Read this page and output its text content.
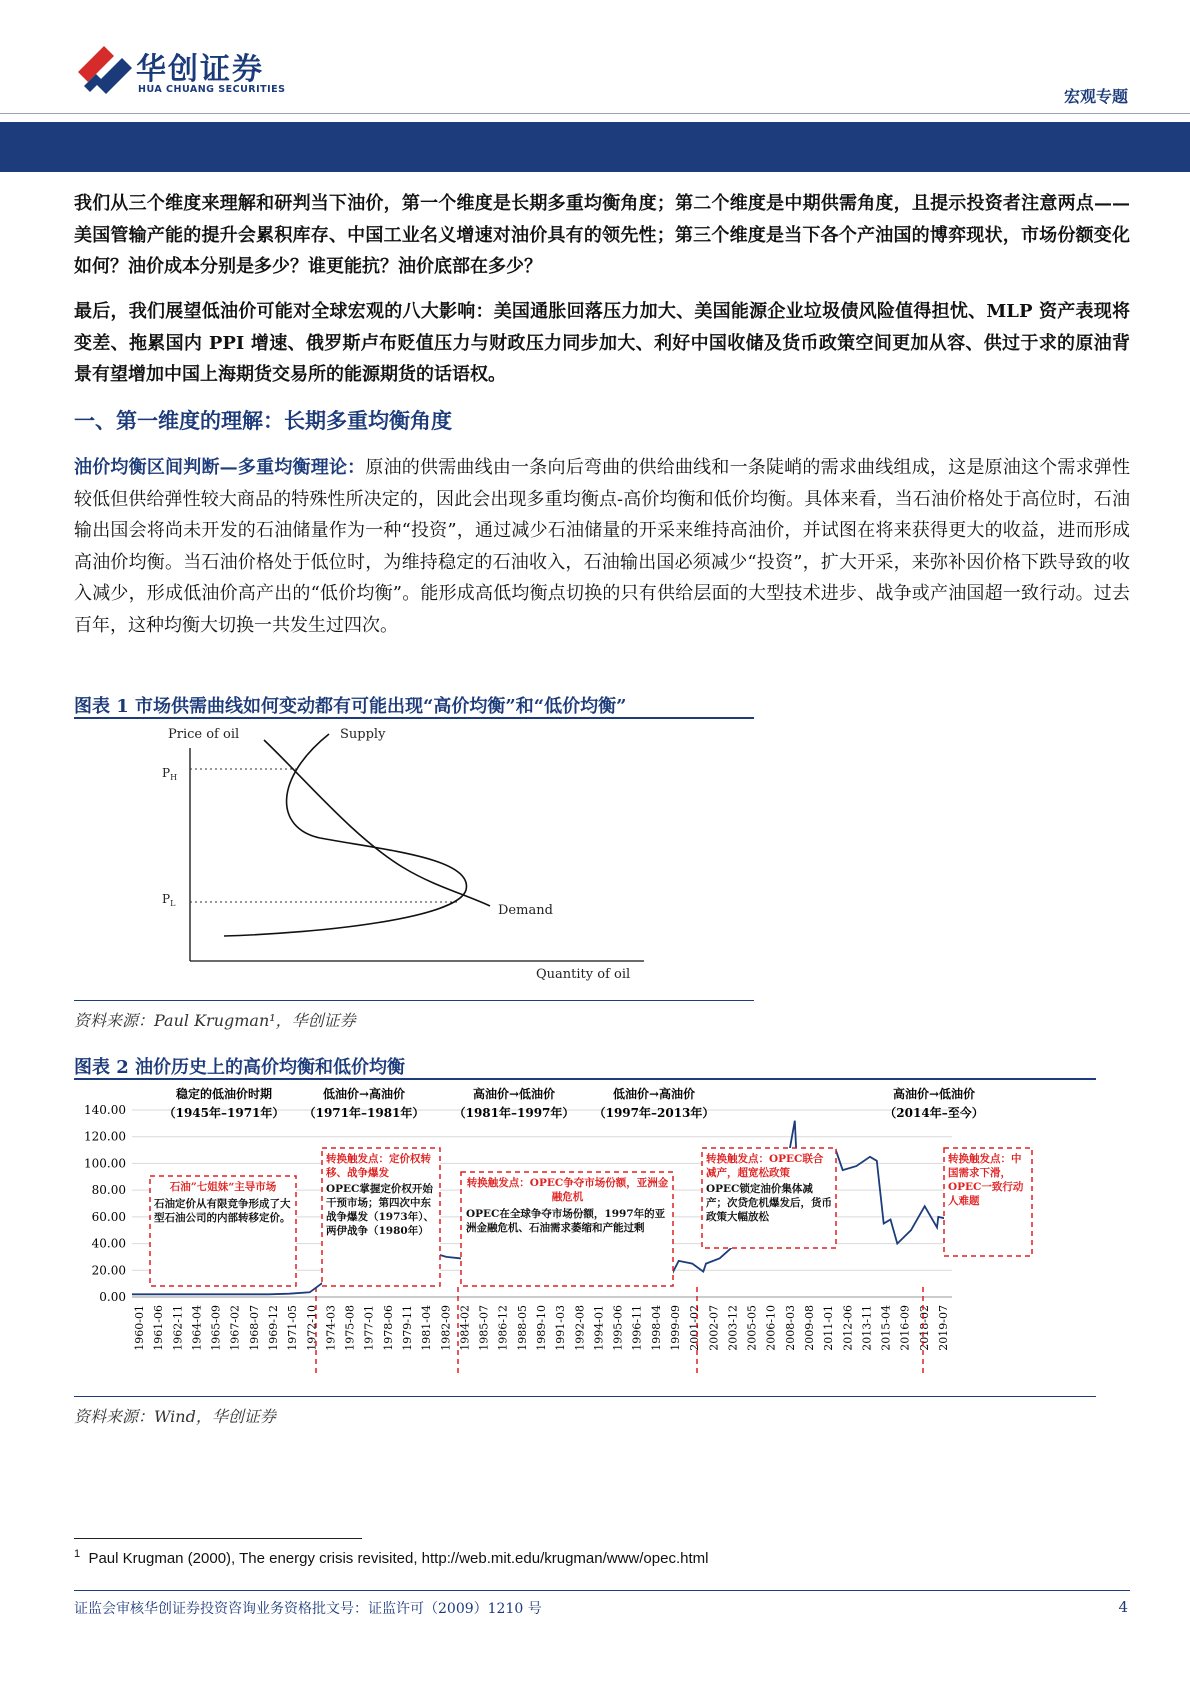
华创证券
HUA CHUANG SECURITIES	宏观专题
我们从三个维度来理解和研判当下油价，第一个维度是长期多重均衡角度；第二个维度是中期供需角度，且提示投资者注意两点——美国管输产能的提升会累积库存、中国工业名义增速对油价具有的领先性；第三个维度是当下各个产油国的博弈现状，市场份额变化如何？油价成本分别是多少？谁更能抗？油价底部在多少？
最后，我们展望低油价可能对全球宏观的八大影响：美国通胀回落压力加大、美国能源企业垃圾债风险值得担忧、MLP 资产表现将变差、拖累国内 PPI 增速、俄罗斯卢布贬值压力与财政压力同步加大、利好中国收储及货币政策空间更加从容、供过于求的原油背景有望增加中国上海期货交易所的能源期货的话语权。
一、第一维度的理解：长期多重均衡角度
油价均衡区间判断—多重均衡理论：原油的供需曲线由一条向后弯曲的供给曲线和一条陡峭的需求曲线组成，这是原油这个需求弹性较低但供给弹性较大商品的特殊性所决定的，因此会出现多重均衡点-高价均衡和低价均衡。具体来看，当石油价格处于高位时，石油输出国会将尚未开发的石油储量作为一种“投资”，通过减少石油储量的开采来维持高油价，并试图在将来获得更大的收益，进而形成高油价均衡。当石油价格处于低位时，为维持稳定的石油收入，石油输出国必须减少“投资”，扩大开采，来弥补因价格下跌导致的收入减少，形成低油价高产出的“低价均衡”。能形成高低均衡点切换的只有供给层面的大型技术进步、战争或产油国超一致行动。过去百年，这种均衡大切换一共发生过四次。
图表 1 市场供需曲线如何变动都有可能出现“高价均衡”和“低价均衡”
Price of oil	Supply
Demand
Quantity of oil
$P_H$
$P_L$
资料来源：Paul Krugman¹，华创证券
图表 2 油价历史上的高价均衡和低价均衡
140.00
120.00
100.00
80.00
60.00
40.00
20.00
0.00
1960-01 1961-06 1962-11 1964-04 1965-09 1967-02 1968-07 1969-12 1971-05 1972-10 1974-03 1975-08 1977-01 1978-06 1979-11 1981-04 1982-09 1984-02 1985-07 1986-12 1988-05 1989-10 1991-03 1992-08 1994-01 1995-06 1996-11 1998-04 1999-09 2001-02 2002-07 2003-12 2005-05 2006-10 2008-03 2009-08 2011-01 2012-06 2013-11 2015-04 2016-09 2018-02 2019-07
稳定的低油价时期
（1945年–1971年）
低油价→高油价
（1971年–1981年）
高油价→低油价
（1981年–1997年）
低油价→高油价
（1997年–2013年）
高油价→低油价
（2014年–至今）
石油”七姐妹“主导市场
石油定价从有限竞争形成了大型石油公司的内部转移定价。
转换触发点：定价权转移、战争爆发
OPEC掌握定价权开始干预市场；第四次中东战争爆发（1973年）、两伊战争（1980年）
转换触发点：OPEC争夺市场份额，亚洲金融危机
OPEC在全球争夺市场份额，1997年的亚洲金融危机、石油需求萎缩和产能过剩
转换触发点：OPEC联合减产，超宽松政策
OPEC锁定油价集体减产；次贷危机爆发后，货币政策大幅放松
转换触发点：中国需求下滑，OPEC一致行动人难题
资料来源：Wind，华创证券
$^1$  Paul Krugman (2000), The energy crisis revisited, http://web.mit.edu/krugman/www/opec.html
证监会审核华创证券投资咨询业务资格批文号：证监许可（2009）1210 号	4
